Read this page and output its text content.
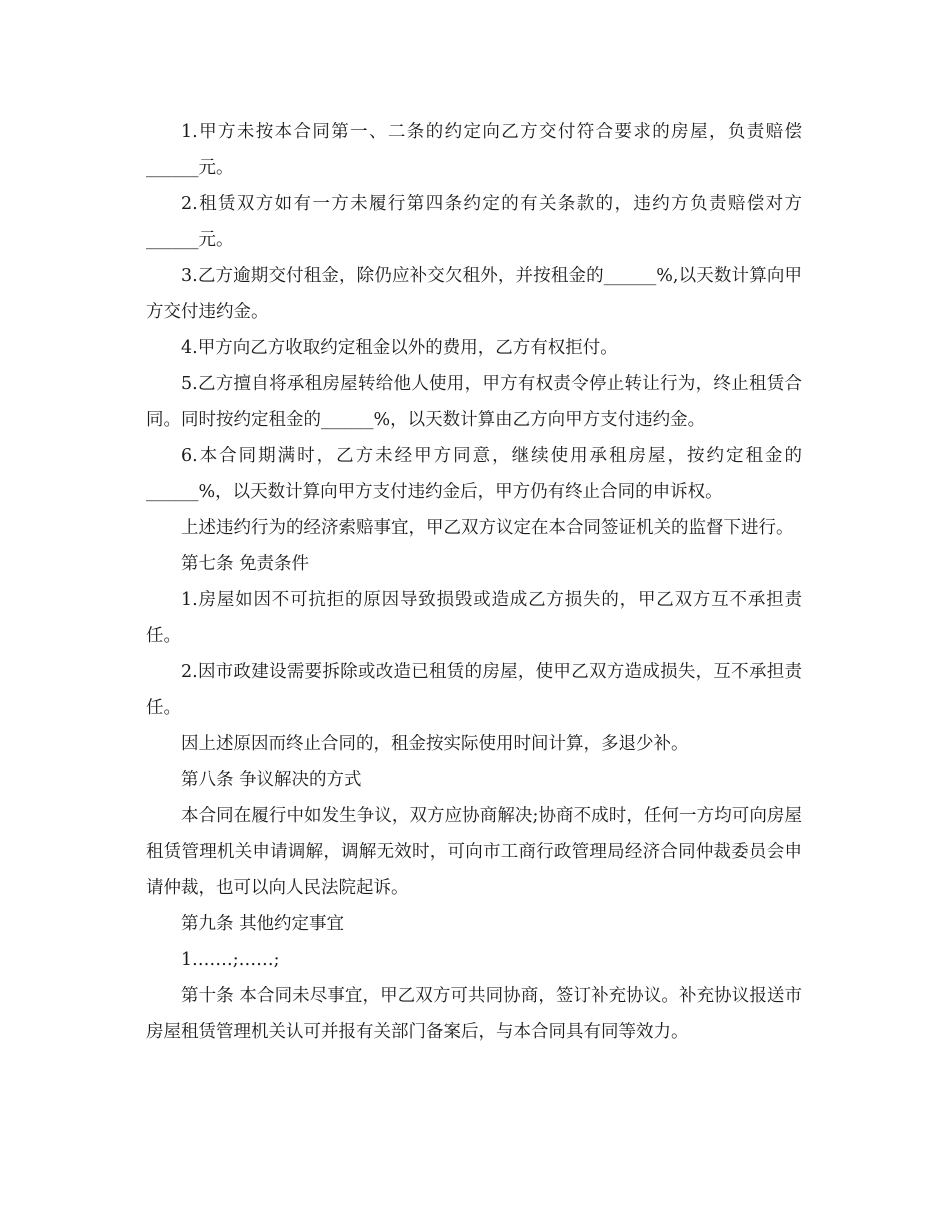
1.甲方未按本合同第一、二条的约定向乙方交付符合要求的房屋，负责赔偿______元。

2.租赁双方如有一方未履行第四条约定的有关条款的，违约方负责赔偿对方______元。

3.乙方逾期交付租金，除仍应补交欠租外，并按租金的______%,以天数计算向甲方交付违约金。

4.甲方向乙方收取约定租金以外的费用，乙方有权拒付。

5.乙方擅自将承租房屋转给他人使用，甲方有权责令停止转让行为，终止租赁合同。同时按约定租金的______%，以天数计算由乙方向甲方支付违约金。

6.本合同期满时，乙方未经甲方同意，继续使用承租房屋，按约定租金的______%，以天数计算向甲方支付违约金后，甲方仍有终止合同的申诉权。

上述违约行为的经济索赔事宜，甲乙双方议定在本合同签证机关的监督下进行。

第七条 免责条件

1.房屋如因不可抗拒的原因导致损毁或造成乙方损失的，甲乙双方互不承担责任。

2.因市政建设需要拆除或改造已租赁的房屋，使甲乙双方造成损失，互不承担责任。

因上述原因而终止合同的，租金按实际使用时间计算，多退少补。

第八条 争议解决的方式

本合同在履行中如发生争议，双方应协商解决;协商不成时，任何一方均可向房屋租赁管理机关申请调解，调解无效时，可向市工商行政管理局经济合同仲裁委员会申请仲裁，也可以向人民法院起诉。

第九条 其他约定事宜

1.……;……;

第十条 本合同未尽事宜，甲乙双方可共同协商，签订补充协议。补充协议报送市房屋租赁管理机关认可并报有关部门备案后，与本合同具有同等效力。
